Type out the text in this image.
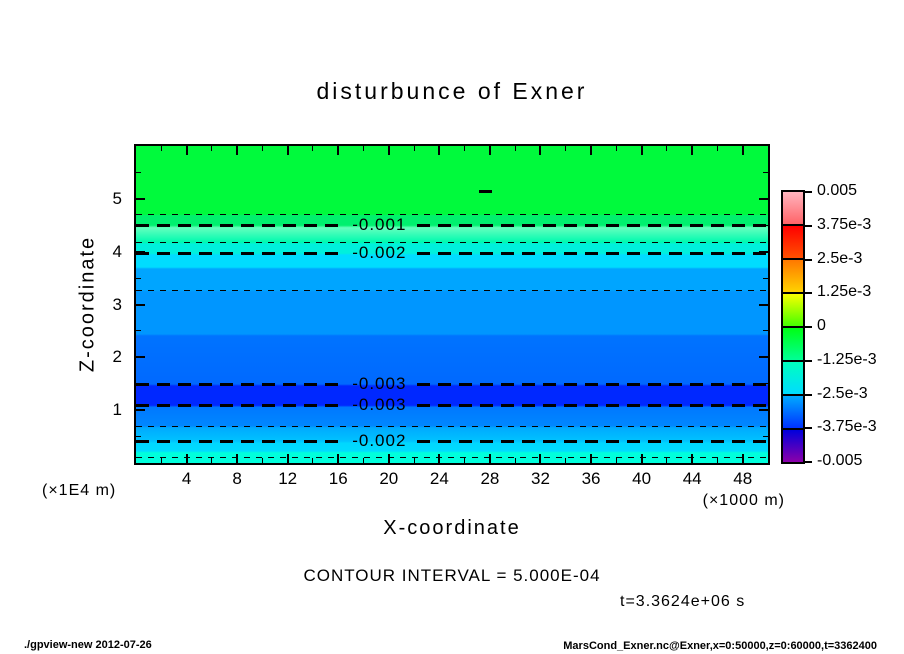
disturbunce of Exner
-0.001
-0.002
-0.003
-0.003
-0.002
Z-coordinate
(×1E4 m)
5
4
3
2
1
4 8 12 16 20 24 28 32 36 40 44 48
(×1000 m)
X-coordinate
0.005
3.75e-3
2.5e-3
1.25e-3
0
-1.25e-3
-2.5e-3
-3.75e-3
-0.005
CONTOUR INTERVAL = 5.000E-04
t=3.3624e+06 s
./gpview-new 2012-07-26	MarsCond_Exner.nc@Exner,x=0:50000,z=0:60000,t=3362400
